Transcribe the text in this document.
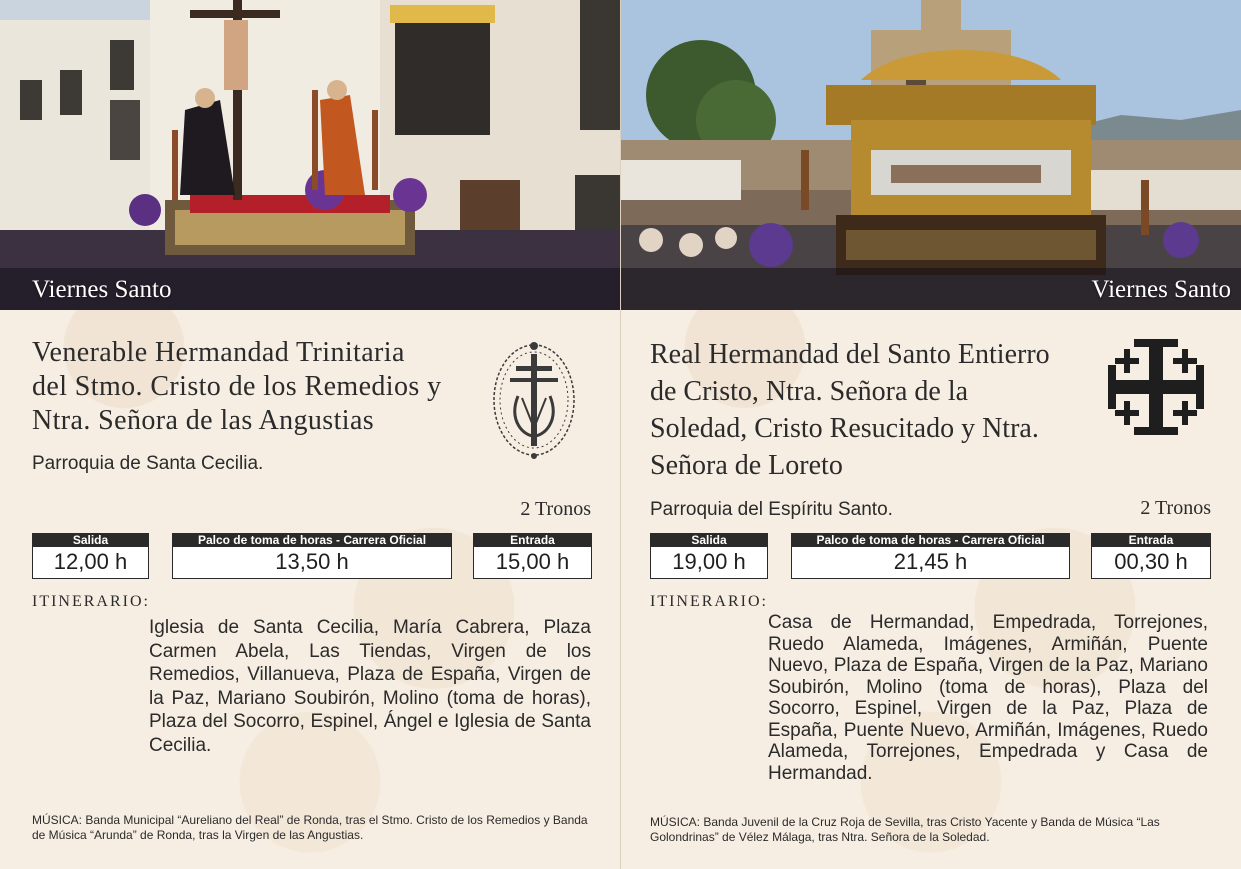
Viernes Santo
Venerable Hermandad Trinitaria del Stmo. Cristo de los Remedios y Ntra. Señora de las Angustias
Parroquia de Santa Cecilia.
2 Tronos
Salida
12,00 h
Palco de toma de horas - Carrera Oficial
13,50 h
Entrada
15,00 h
ITINERARIO:

Iglesia de Santa Cecilia, María Cabrera, Plaza Carmen Abela, Las Tiendas, Virgen de los Remedios, Villanueva, Plaza de España, Virgen de la Paz, Mariano Soubirón, Molino (toma de horas), Plaza del Socorro, Espinel, Ángel e Iglesia de Santa Cecilia.

MÚSICA: Banda Municipal “Aureliano del Real” de Ronda, tras el Stmo. Cristo de los Remedios y Banda de Música “Arunda” de Ronda, tras la Virgen de las Angustias.

Viernes Santo
Real Hermandad del Santo Entierro de Cristo, Ntra. Señora de la Soledad, Cristo Resucitado y Ntra. Señora de Loreto
Parroquia del Espíritu Santo.	2 Tronos
Salida
19,00 h
Palco de toma de horas - Carrera Oficial
21,45 h
Entrada
00,30 h
ITINERARIO:

Casa de Hermandad, Empedrada, Torrejones, Ruedo Alameda, Imágenes, Armiñán, Puente Nuevo, Plaza de España, Virgen de la Paz, Mariano Soubirón, Molino (toma de horas), Plaza del Socorro, Espinel, Virgen de la Paz, Plaza de España, Puente Nuevo, Armiñán, Imágenes, Ruedo Alameda, Torrejones, Empedrada y Casa de Hermandad.

MÚSICA: Banda Juvenil de la Cruz Roja de Sevilla, tras Cristo Yacente y Banda de Música “Las Golondrinas” de Vélez Málaga, tras Ntra. Señora de la Soledad.
